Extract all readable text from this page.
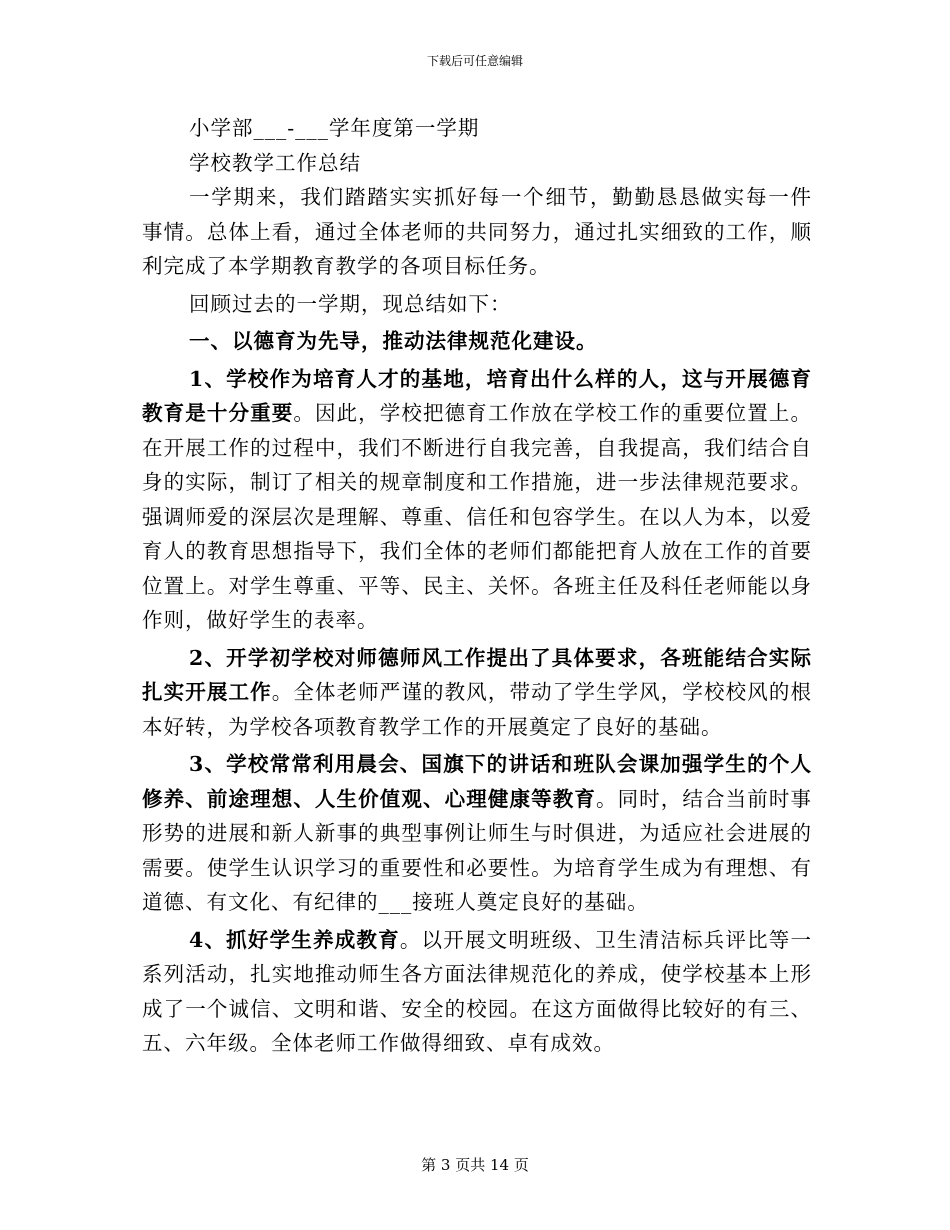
下载后可任意编辑

小学部___-___学年度第一学期

学校教学工作总结

一学期来，我们踏踏实实抓好每一个细节，勤勤恳恳做实每一件事情。总体上看，通过全体老师的共同努力，通过扎实细致的工作，顺利完成了本学期教育教学的各项目标任务。

回顾过去的一学期，现总结如下：

一、以德育为先导，推动法律规范化建设。

1、学校作为培育人才的基地，培育出什么样的人，这与开展德育教育是十分重要。因此，学校把德育工作放在学校工作的重要位置上。在开展工作的过程中，我们不断进行自我完善，自我提高，我们结合自身的实际，制订了相关的规章制度和工作措施，进一步法律规范要求。强调师爱的深层次是理解、尊重、信任和包容学生。在以人为本，以爱育人的教育思想指导下，我们全体的老师们都能把育人放在工作的首要位置上。对学生尊重、平等、民主、关怀。各班主任及科任老师能以身作则，做好学生的表率。

2、开学初学校对师德师风工作提出了具体要求，各班能结合实际扎实开展工作。全体老师严谨的教风，带动了学生学风，学校校风的根本好转，为学校各项教育教学工作的开展奠定了良好的基础。

3、学校常常利用晨会、国旗下的讲话和班队会课加强学生的个人修养、前途理想、人生价值观、心理健康等教育。同时，结合当前时事形势的进展和新人新事的典型事例让师生与时俱进，为适应社会进展的需要。使学生认识学习的重要性和必要性。为培育学生成为有理想、有道德、有文化、有纪律的___接班人奠定良好的基础。

4、抓好学生养成教育。以开展文明班级、卫生清洁标兵评比等一系列活动，扎实地推动师生各方面法律规范化的养成，使学校基本上形成了一个诚信、文明和谐、安全的校园。在这方面做得比较好的有三、五、六年级。全体老师工作做得细致、卓有成效。

第 3 页共 14 页
